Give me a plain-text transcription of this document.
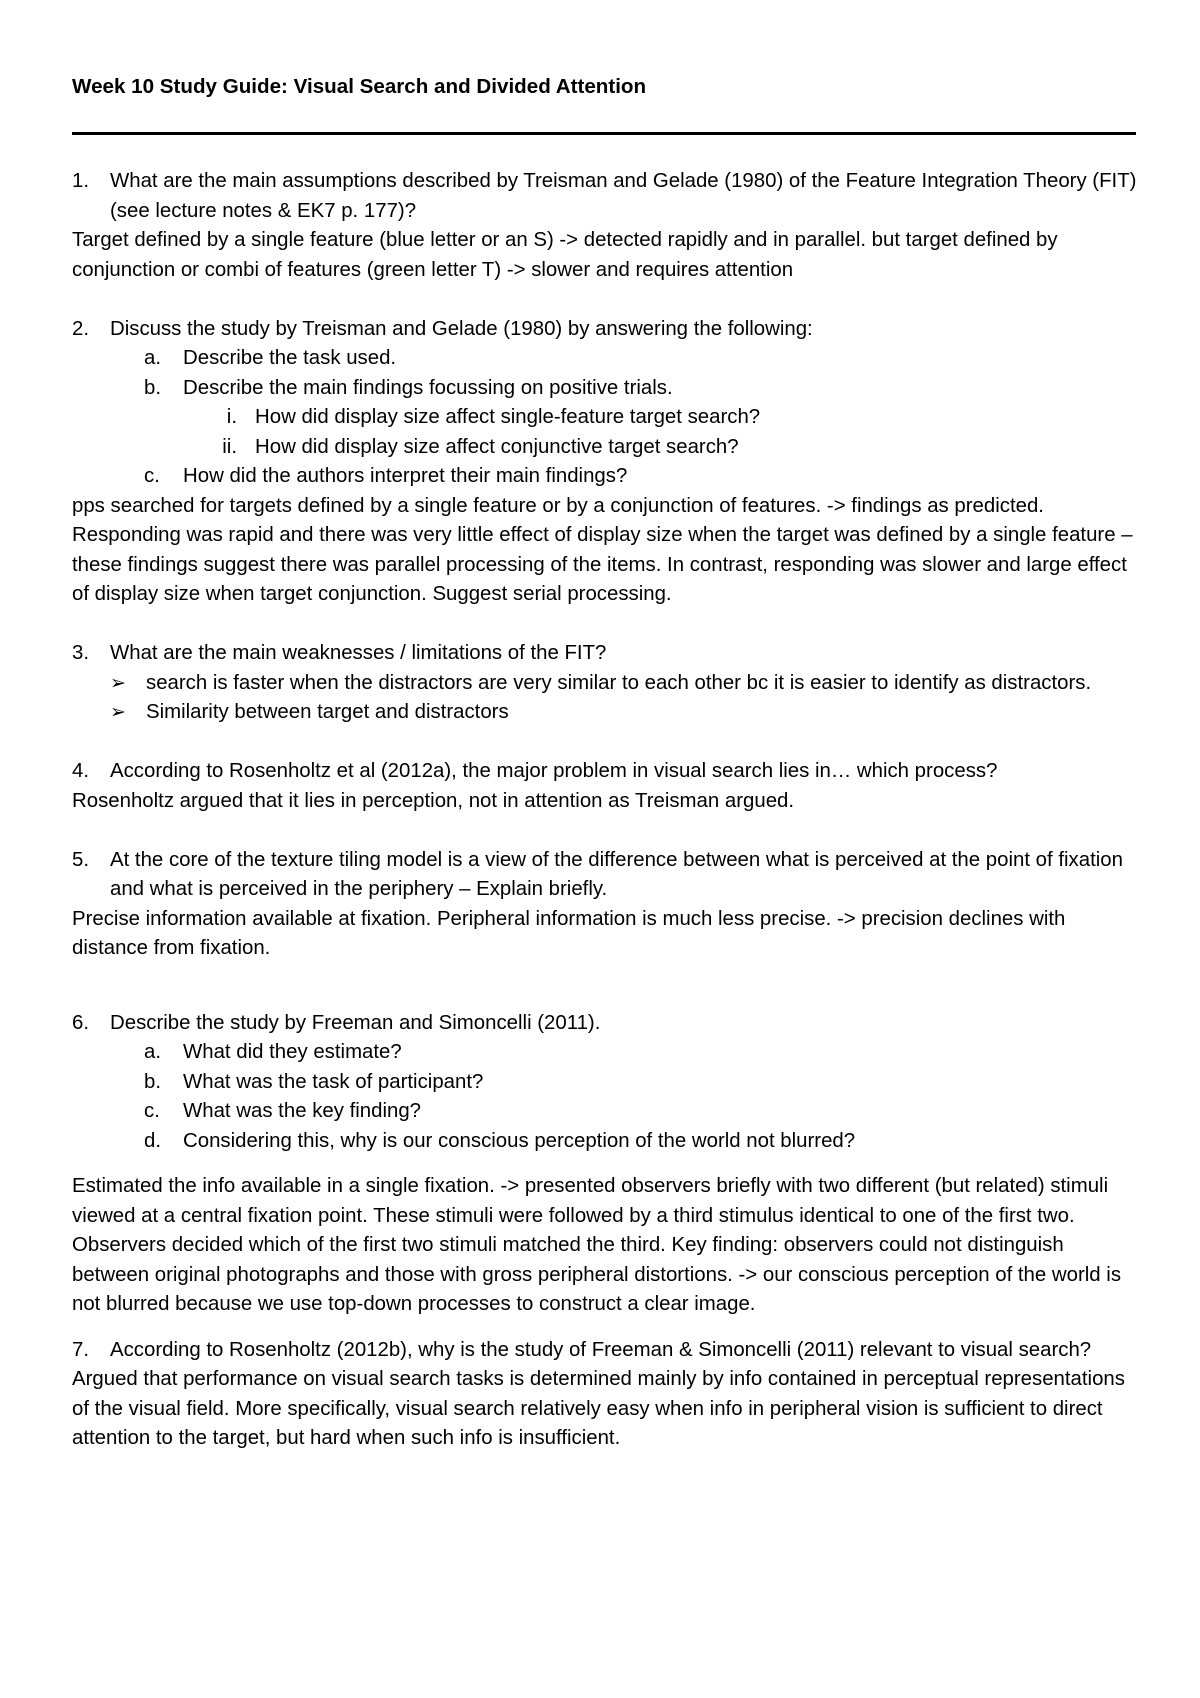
Week 10 Study Guide: Visual Search and Divided Attention
1. What are the main assumptions described by Treisman and Gelade (1980) of the Feature Integration Theory (FIT) (see lecture notes & EK7 p. 177)?

Target defined by a single feature (blue letter or an S) -> detected rapidly and in parallel. but target defined by conjunction or combi of features (green letter T) -> slower and requires attention

2. Discuss the study by Treisman and Gelade (1980) by answering the following:
a. Describe the task used.
b. Describe the main findings focussing on positive trials.
i. How did display size affect single-feature target search?
ii. How did display size affect conjunctive target search?
c. How did the authors interpret their main findings?

pps searched for targets defined by a single feature or by a conjunction of features. -> findings as predicted. Responding was rapid and there was very little effect of display size when the target was defined by a single feature – these findings suggest there was parallel processing of the items. In contrast, responding was slower and large effect of display size when target conjunction. Suggest serial processing.

3. What are the main weaknesses / limitations of the FIT?
➢ search is faster when the distractors are very similar to each other bc it is easier to identify as distractors.
➢ Similarity between target and distractors
4. According to Rosenholtz et al (2012a), the major problem in visual search lies in… which process?

Rosenholtz argued that it lies in perception, not in attention as Treisman argued.

5. At the core of the texture tiling model is a view of the difference between what is perceived at the point of fixation and what is perceived in the periphery – Explain briefly.

Precise information available at fixation. Peripheral information is much less precise. -> precision declines with distance from fixation.

6. Describe the study by Freeman and Simoncelli (2011).
a. What did they estimate?
b. What was the task of participant?
c. What was the key finding?
d. Considering this, why is our conscious perception of the world not blurred?

Estimated the info available in a single fixation. -> presented observers briefly with two different (but related) stimuli viewed at a central fixation point. These stimuli were followed by a third stimulus identical to one of the first two. Observers decided which of the first two stimuli matched the third. Key finding: observers could not distinguish between original photographs and those with gross peripheral distortions. -> our conscious perception of the world is not blurred because we use top-down processes to construct a clear image.

7. According to Rosenholtz (2012b), why is the study of Freeman & Simoncelli (2011) relevant to visual search?

Argued that performance on visual search tasks is determined mainly by info contained in perceptual representations of the visual field. More specifically, visual search relatively easy when info in peripheral vision is sufficient to direct attention to the target, but hard when such info is insufficient.
